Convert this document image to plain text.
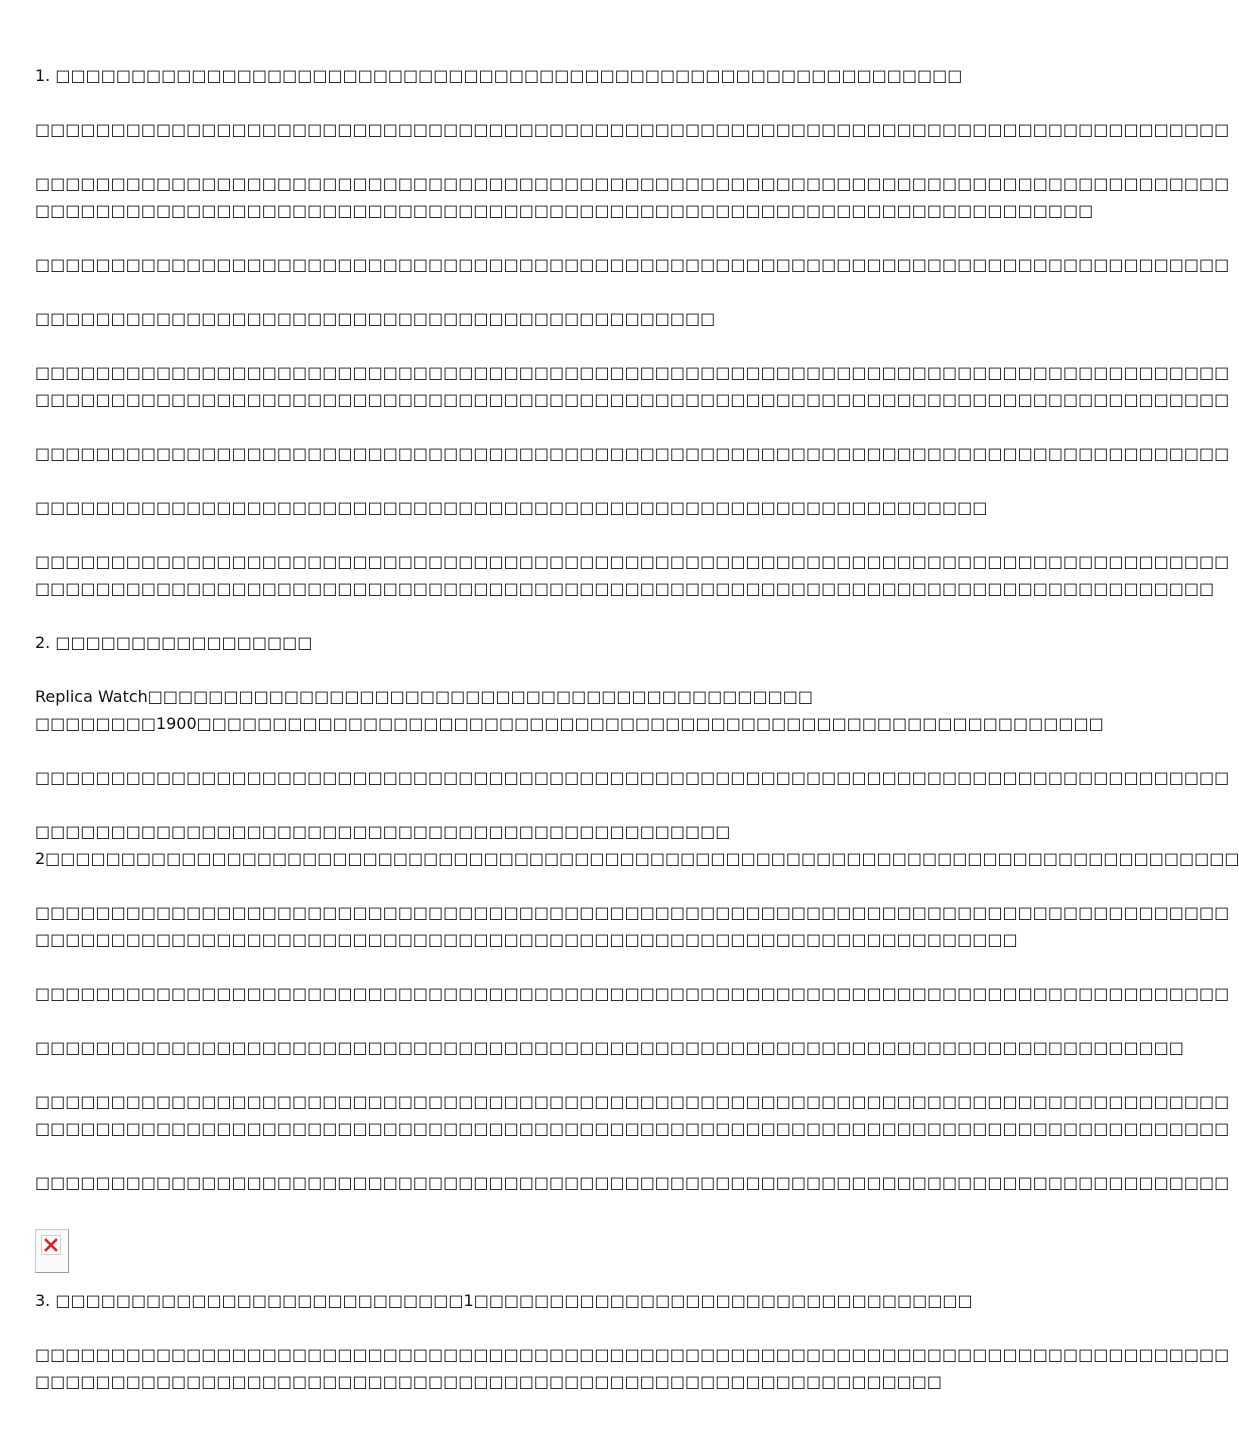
1. □□□□□□□□□□□□□□□□□□□□□□□□□□□□□□□□□□□□□□□□□□□□□□□□□□□□□□□□□□□□
□□□□□□□□□□□□□□□□□□□□□□□□□□□□□□□□□□□□□□□□□□□□□□□□□□□□□□□□□□□□□□□□□□□□□□□□□□□□□□□
□□□□□□□□□□□□□□□□□□□□□□□□□□□□□□□□□□□□□□□□□□□□□□□□□□□□□□□□□□□□□□□□□□□□□□□□□□□□□□□
□□□□□□□□□□□□□□□□□□□□□□□□□□□□□□□□□□□□□□□□□□□□□□□□□□□□□□□□□□□□□□□□□□□□□□
□□□□□□□□□□□□□□□□□□□□□□□□□□□□□□□□□□□□□□□□□□□□□□□□□□□□□□□□□□□□□□□□□□□□□□□□□□□□□□□
□□□□□□□□□□□□□□□□□□□□□□□□□□□□□□□□□□□□□□□□□□□□□
□□□□□□□□□□□□□□□□□□□□□□□□□□□□□□□□□□□□□□□□□□□□□□□□□□□□□□□□□□□□□□□□□□□□□□□□□□□□□□□
□□□□□□□□□□□□□□□□□□□□□□□□□□□□□□□□□□□□□□□□□□□□□□□□□□□□□□□□□□□□□□□□□□□□□□□□□□□□□□□
□□□□□□□□□□□□□□□□□□□□□□□□□□□□□□□□□□□□□□□□□□□□□□□□□□□□□□□□□□□□□□□□□□□□□□□□□□□□□□□
□□□□□□□□□□□□□□□□□□□□□□□□□□□□□□□□□□□□□□□□□□□□□□□□□□□□□□□□□□□□□□□
□□□□□□□□□□□□□□□□□□□□□□□□□□□□□□□□□□□□□□□□□□□□□□□□□□□□□□□□□□□□□□□□□□□□□□□□□□□□□□□
□□□□□□□□□□□□□□□□□□□□□□□□□□□□□□□□□□□□□□□□□□□□□□□□□□□□□□□□□□□□□□□□□□□□□□□□□□□□□□
2. □□□□□□□□□□□□□□□□□
Replica Watch□□□□□□□□□□□□□□□□□□□□□□□□□□□□□□□□□□□□□□□□□□□□
□□□□□□□□1900□□□□□□□□□□□□□□□□□□□□□□□□□□□□□□□□□□□□□□□□□□□□□□□□□□□□□□□□□□□□
□□□□□□□□□□□□□□□□□□□□□□□□□□□□□□□□□□□□□□□□□□□□□□□□□□□□□□□□□□□□□□□□□□□□□□□□□□□□□□□
□□□□□□□□□□□□□□□□□□□□□□□□□□□□□□□□□□□□□□□□□□□□□□
2□□□□□□□□□□□□□□□□□□□□□□□□□□□□□□□□□□□□□□□□□□□□□□□□□□□□□□□□□□□□□□□□□□□□□□□□□□□□□□□
□□□□□□□□□□□□□□□□□□□□□□□□□□□□□□□□□□□□□□□□□□□□□□□□□□□□□□□□□□□□□□□□□□□□□□□□□□□□□□□
□□□□□□□□□□□□□□□□□□□□□□□□□□□□□□□□□□□□□□□□□□□□□□□□□□□□□□□□□□□□□□□□□
□□□□□□□□□□□□□□□□□□□□□□□□□□□□□□□□□□□□□□□□□□□□□□□□□□□□□□□□□□□□□□□□□□□□□□□□□□□□□□□
□□□□□□□□□□□□□□□□□□□□□□□□□□□□□□□□□□□□□□□□□□□□□□□□□□□□□□□□□□□□□□□□□□□□□□□□□□□□
□□□□□□□□□□□□□□□□□□□□□□□□□□□□□□□□□□□□□□□□□□□□□□□□□□□□□□□□□□□□□□□□□□□□□□□□□□□□□□□
□□□□□□□□□□□□□□□□□□□□□□□□□□□□□□□□□□□□□□□□□□□□□□□□□□□□□□□□□□□□□□□□□□□□□□□□□□□□□□□
□□□□□□□□□□□□□□□□□□□□□□□□□□□□□□□□□□□□□□□□□□□□□□□□□□□□□□□□□□□□□□□□□□□□□□□□□□□□□□□
3. □□□□□□□□□□□□□□□□□□□□□□□□□□□1□□□□□□□□□□□□□□□□□□□□□□□□□□□□□□□□□
□□□□□□□□□□□□□□□□□□□□□□□□□□□□□□□□□□□□□□□□□□□□□□□□□□□□□□□□□□□□□□□□□□□□□□□□□□□□□□□
□□□□□□□□□□□□□□□□□□□□□□□□□□□□□□□□□□□□□□□□□□□□□□□□□□□□□□□□□□□□
